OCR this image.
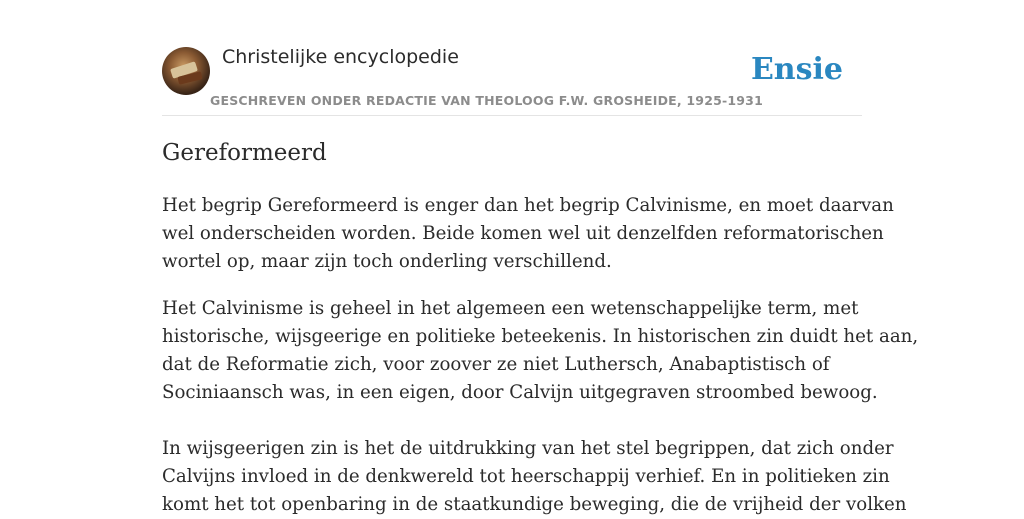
Christelijke encyclopedie
GESCHREVEN ONDER REDACTIE VAN THEOLOOG F.W. GROSHEIDE, 1925-1931
Ensie
Gereformeerd

Het begrip Gereformeerd is enger dan het begrip Calvinisme, en moet daarvan
wel onderscheiden worden. Beide komen wel uit denzelfden reformatorischen
wortel op, maar zijn toch onderling verschillend.

Het Calvinisme is geheel in het algemeen een wetenschappelijke term, met
historische, wijsgeerige en politieke beteekenis. In historischen zin duidt het aan,
dat de Reformatie zich, voor zoover ze niet Luthersch, Anabaptistisch of
Sociniaansch was, in een eigen, door Calvijn uitgegraven stroombed bewoog.

In wijsgeerigen zin is het de uitdrukking van het stel begrippen, dat zich onder
Calvijns invloed in de denkwereld tot heerschappij verhief. En in politieken zin
komt het tot openbaring in de staatkundige beweging, die de vrijheid der volken
